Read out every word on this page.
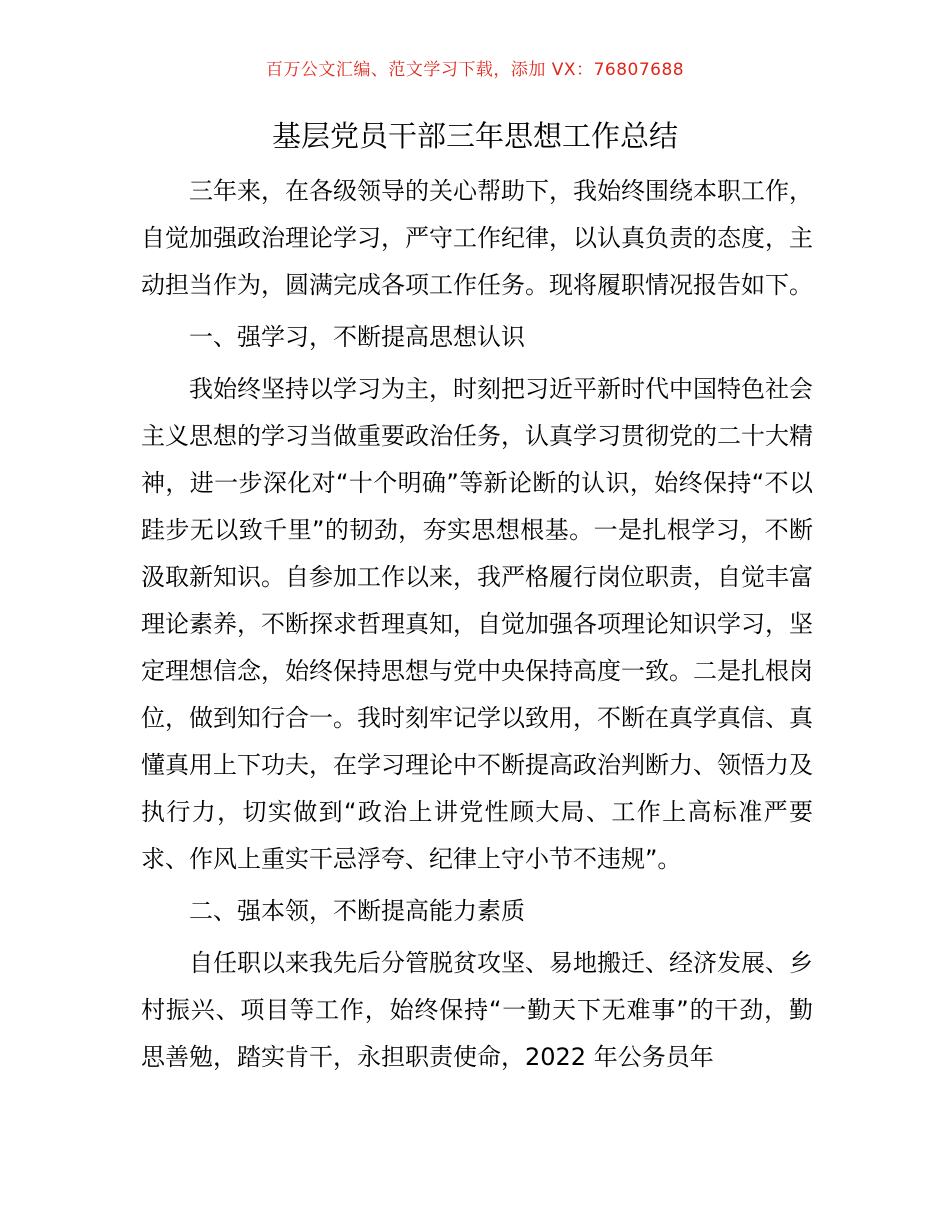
百万公文汇编、范文学习下载，添加 VX：76807688
基层党员干部三年思想工作总结

三年来，在各级领导的关心帮助下，我始终围绕本职工作，自觉加强政治理论学习，严守工作纪律，以认真负责的态度，主动担当作为，圆满完成各项工作任务。现将履职情况报告如下。

一、强学习，不断提高思想认识

我始终坚持以学习为主，时刻把习近平新时代中国特色社会主义思想的学习当做重要政治任务，认真学习贯彻党的二十大精神，进一步深化对“十个明确”等新论断的认识，始终保持“不以跬步无以致千里”的韧劲，夯实思想根基。一是扎根学习，不断汲取新知识。自参加工作以来，我严格履行岗位职责，自觉丰富理论素养，不断探求哲理真知，自觉加强各项理论知识学习，坚定理想信念，始终保持思想与党中央保持高度一致。二是扎根岗位，做到知行合一。我时刻牢记学以致用，不断在真学真信、真懂真用上下功夫，在学习理论中不断提高政治判断力、领悟力及执行力，切实做到“政治上讲党性顾大局、工作上高标准严要求、作风上重实干忌浮夸、纪律上守小节不违规”。

二、强本领，不断提高能力素质

自任职以来我先后分管脱贫攻坚、易地搬迁、经济发展、乡村振兴、项目等工作，始终保持“一勤天下无难事”的干劲，勤思善勉，踏实肯干，永担职责使命，2022 年公务员年
